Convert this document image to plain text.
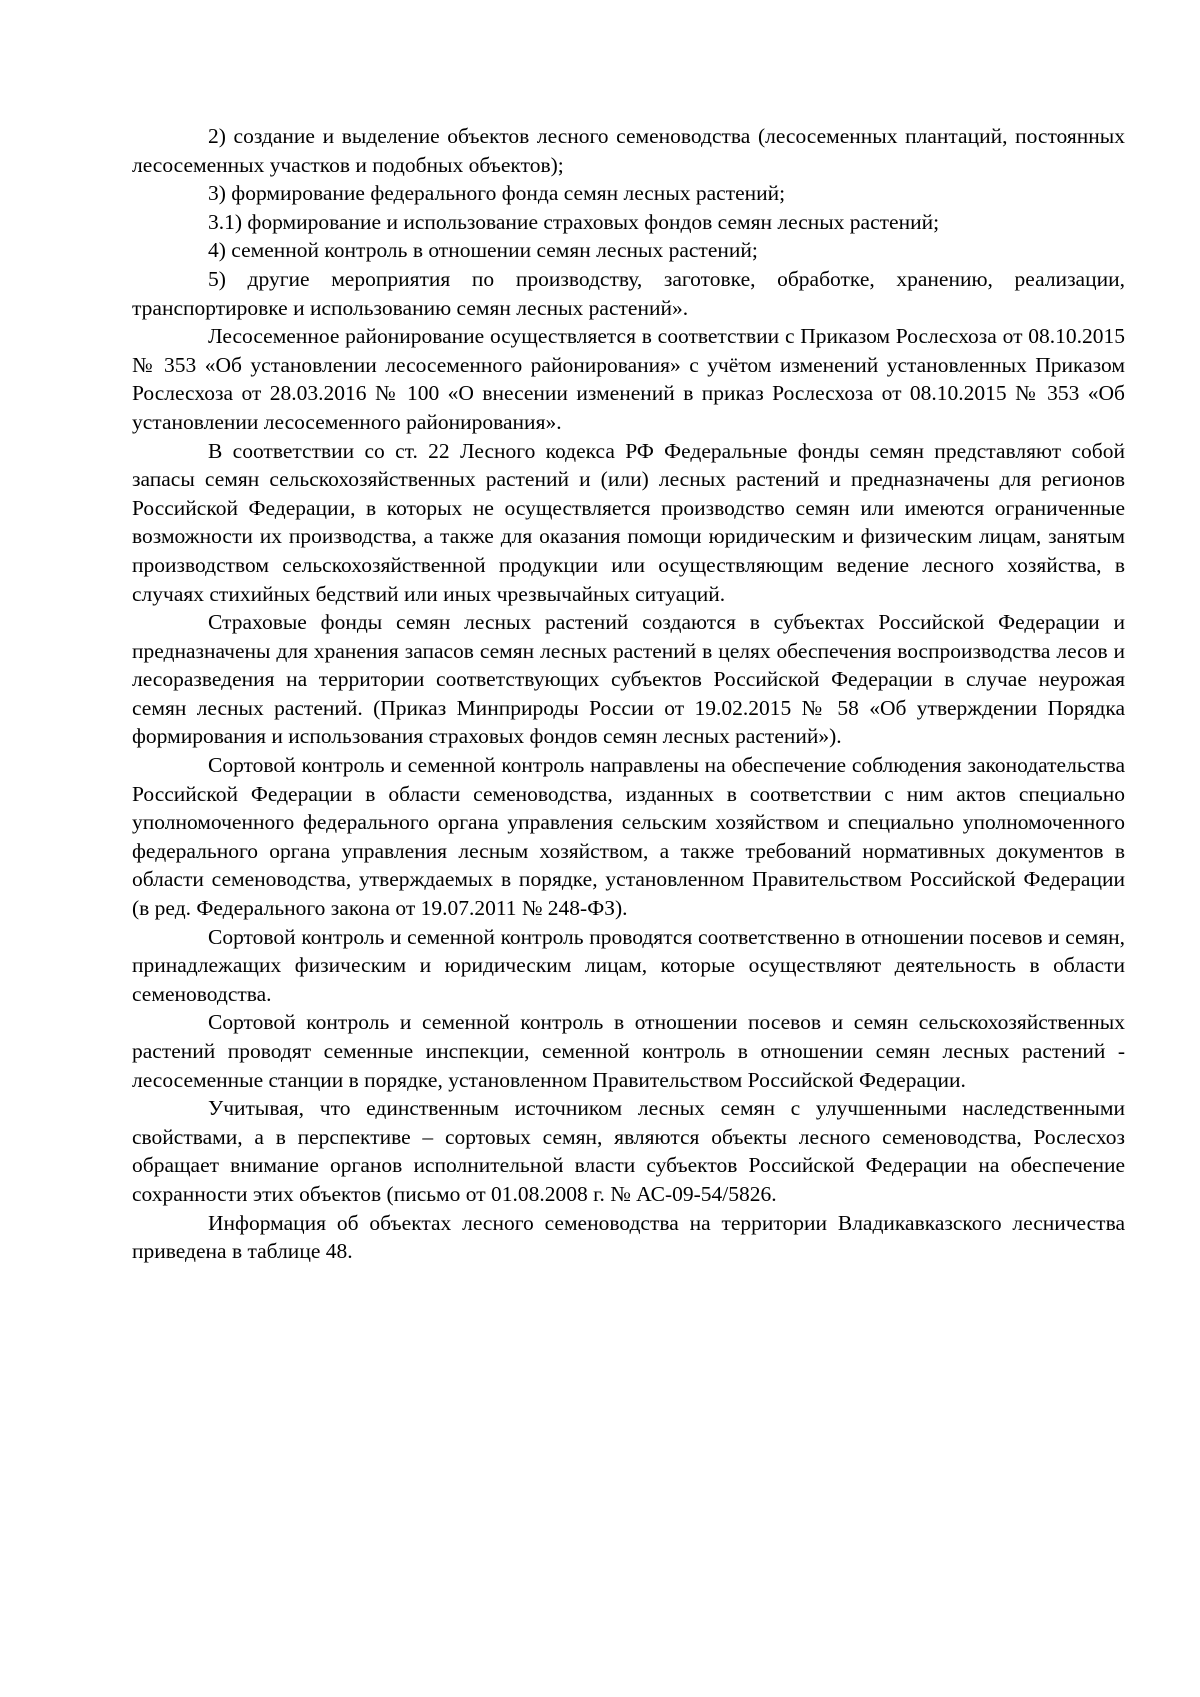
2) создание и выделение объектов лесного семеноводства (лесосеменных плантаций, постоянных лесосеменных участков и подобных объектов);

3) формирование федерального фонда семян лесных растений;

3.1) формирование и использование страховых фондов семян лесных растений;

4) семенной контроль в отношении семян лесных растений;

5) другие мероприятия по производству, заготовке, обработке, хранению, реализации, транспортировке и использованию семян лесных растений».

Лесосеменное районирование осуществляется в соответствии с Приказом Рослесхоза от 08.10.2015 № 353 «Об установлении лесосеменного районирования» с учётом изменений установленных Приказом Рослесхоза от 28.03.2016 № 100 «О внесении изменений в приказ Рослесхоза от 08.10.2015 № 353 «Об установлении лесосеменного районирования».

В соответствии со ст. 22 Лесного кодекса РФ Федеральные фонды семян представляют собой запасы семян сельскохозяйственных растений и (или) лесных растений и предназначены для регионов Российской Федерации, в которых не осуществляется производство семян или имеются ограниченные возможности их производства, а также для оказания помощи юридическим и физическим лицам, занятым производством сельскохозяйственной продукции или осуществляющим ведение лесного хозяйства, в случаях стихийных бедствий или иных чрезвычайных ситуаций.

Страховые фонды семян лесных растений создаются в субъектах Российской Федерации и предназначены для хранения запасов семян лесных растений в целях обеспечения воспроизводства лесов и лесоразведения на территории соответствующих субъектов Российской Федерации в случае неурожая семян лесных растений. (Приказ Минприроды России от 19.02.2015 № 58 «Об утверждении Порядка формирования и использования страховых фондов семян лесных растений»).

Сортовой контроль и семенной контроль направлены на обеспечение соблюдения законодательства Российской Федерации в области семеноводства, изданных в соответствии с ним актов специально уполномоченного федерального органа управления сельским хозяйством и специально уполномоченного федерального органа управления лесным хозяйством, а также требований нормативных документов в области семеноводства, утверждаемых в порядке, установленном Правительством Российской Федерации (в ред. Федерального закона от 19.07.2011 № 248-ФЗ).

Сортовой контроль и семенной контроль проводятся соответственно в отношении посевов и семян, принадлежащих физическим и юридическим лицам, которые осуществляют деятельность в области семеноводства.

Сортовой контроль и семенной контроль в отношении посевов и семян сельскохозяйственных растений проводят семенные инспекции, семенной контроль в отношении семян лесных растений - лесосеменные станции в порядке, установленном Правительством Российской Федерации.

Учитывая, что единственным источником лесных семян с улучшенными наследственными свойствами, а в перспективе – сортовых семян, являются объекты лесного семеноводства, Рослесхоз обращает внимание органов исполнительной власти субъектов Российской Федерации на обеспечение сохранности этих объектов (письмо от 01.08.2008 г. № АС-09-54/5826.

Информация об объектах лесного семеноводства на территории Владикавказского лесничества приведена в таблице 48.
